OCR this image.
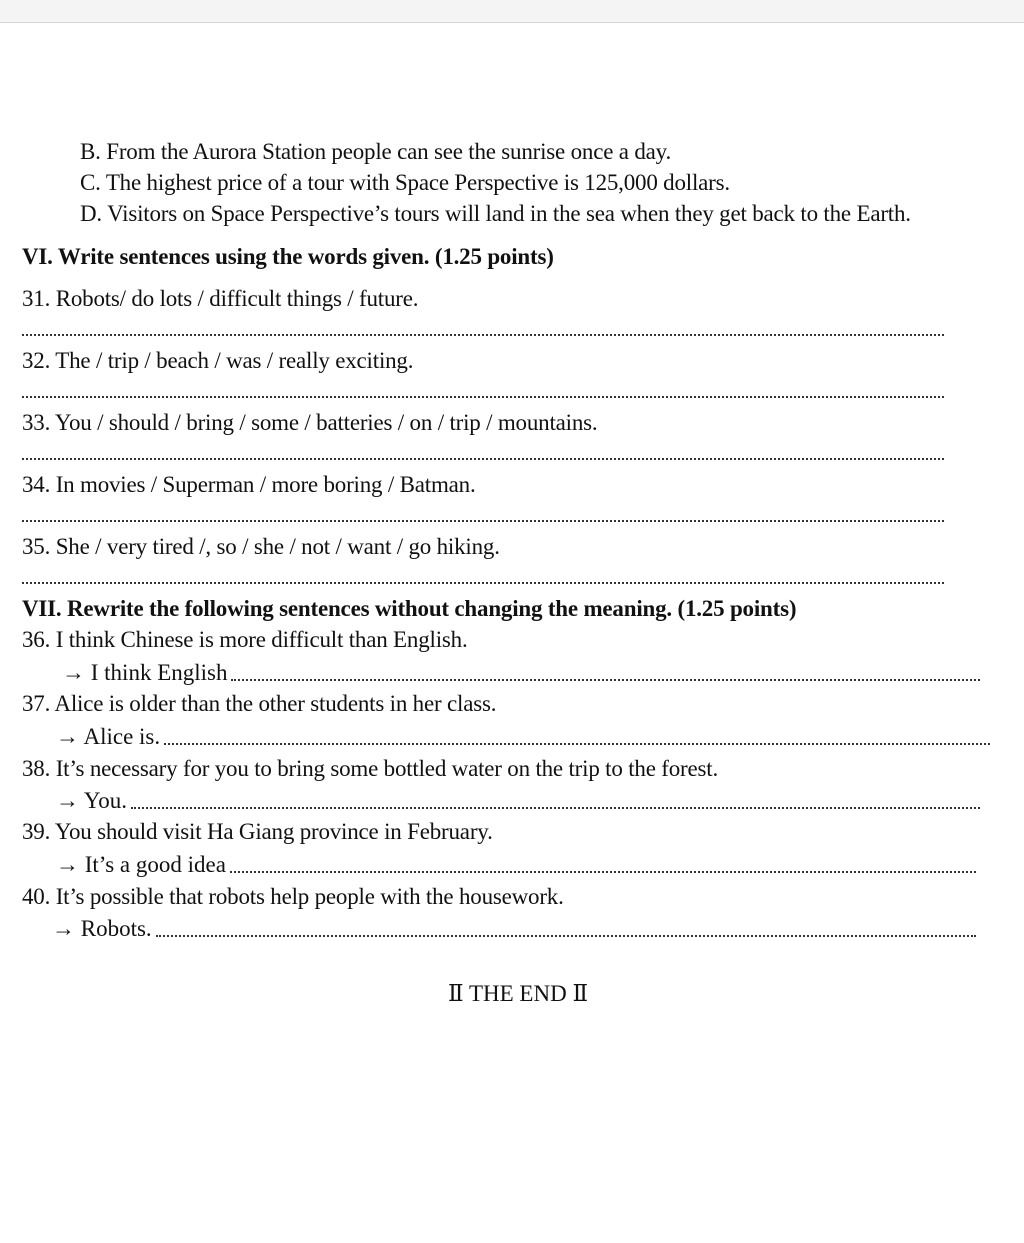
B. From the Aurora Station people can see the sunrise once a day.
C. The highest price of a tour with Space Perspective is 125,000 dollars.
D. Visitors on Space Perspective’s tours will land in the sea when they get back to the Earth.
VI. Write sentences using the words given. (1.25 points)
31. Robots/ do lots / difficult things / future.
32. The / trip / beach / was / really exciting.
33. You / should / bring / some / batteries / on / trip / mountains.
34. In movies / Superman / more boring / Batman.
35. She / very tired /, so / she / not / want / go hiking.
VII. Rewrite the following sentences without changing the meaning. (1.25 points)
36. I think Chinese is more difficult than English.
→ I think English
37. Alice is older than the other students in her class.
→ Alice is.
38. It’s necessary for you to bring some bottled water on the trip to the forest.
→ You.
39. You should visit Ha Giang province in February.
→ It’s a good idea
40. It’s possible that robots help people with the housework.
→ Robots.
Ⅱ THE END Ⅱ
